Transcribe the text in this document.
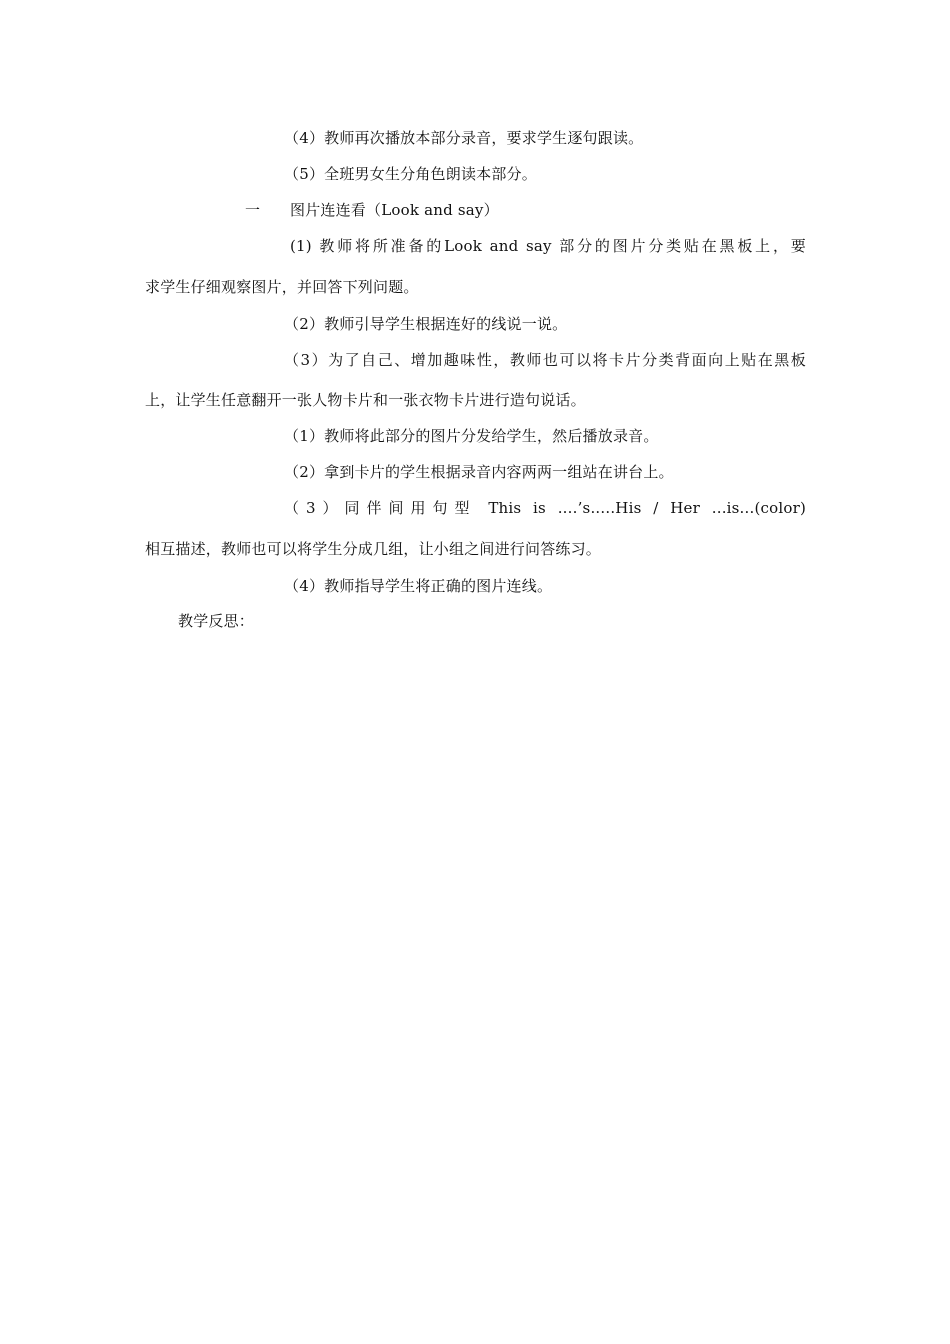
（4）教师再次播放本部分录音，要求学生逐句跟读。
（5）全班男女生分角色朗读本部分。
一 图片连连看（Look and say）
(1) 教师将所准备的Look and say 部分的图片分类贴在黑板上，要
求学生仔细观察图片，并回答下列问题。
（2）教师引导学生根据连好的线说一说。
（3）为了自己、增加趣味性，教师也可以将卡片分类背面向上贴在黑板
上，让学生任意翻开一张人物卡片和一张衣物卡片进行造句说话。
（1）教师将此部分的图片分发给学生，然后播放录音。
（2）拿到卡片的学生根据录音内容两两一组站在讲台上。
（3）同伴间用句型 This is ....’s.....His / Her ...is...(color)
相互描述，教师也可以将学生分成几组，让小组之间进行问答练习。
（4）教师指导学生将正确的图片连线。
教学反思：
